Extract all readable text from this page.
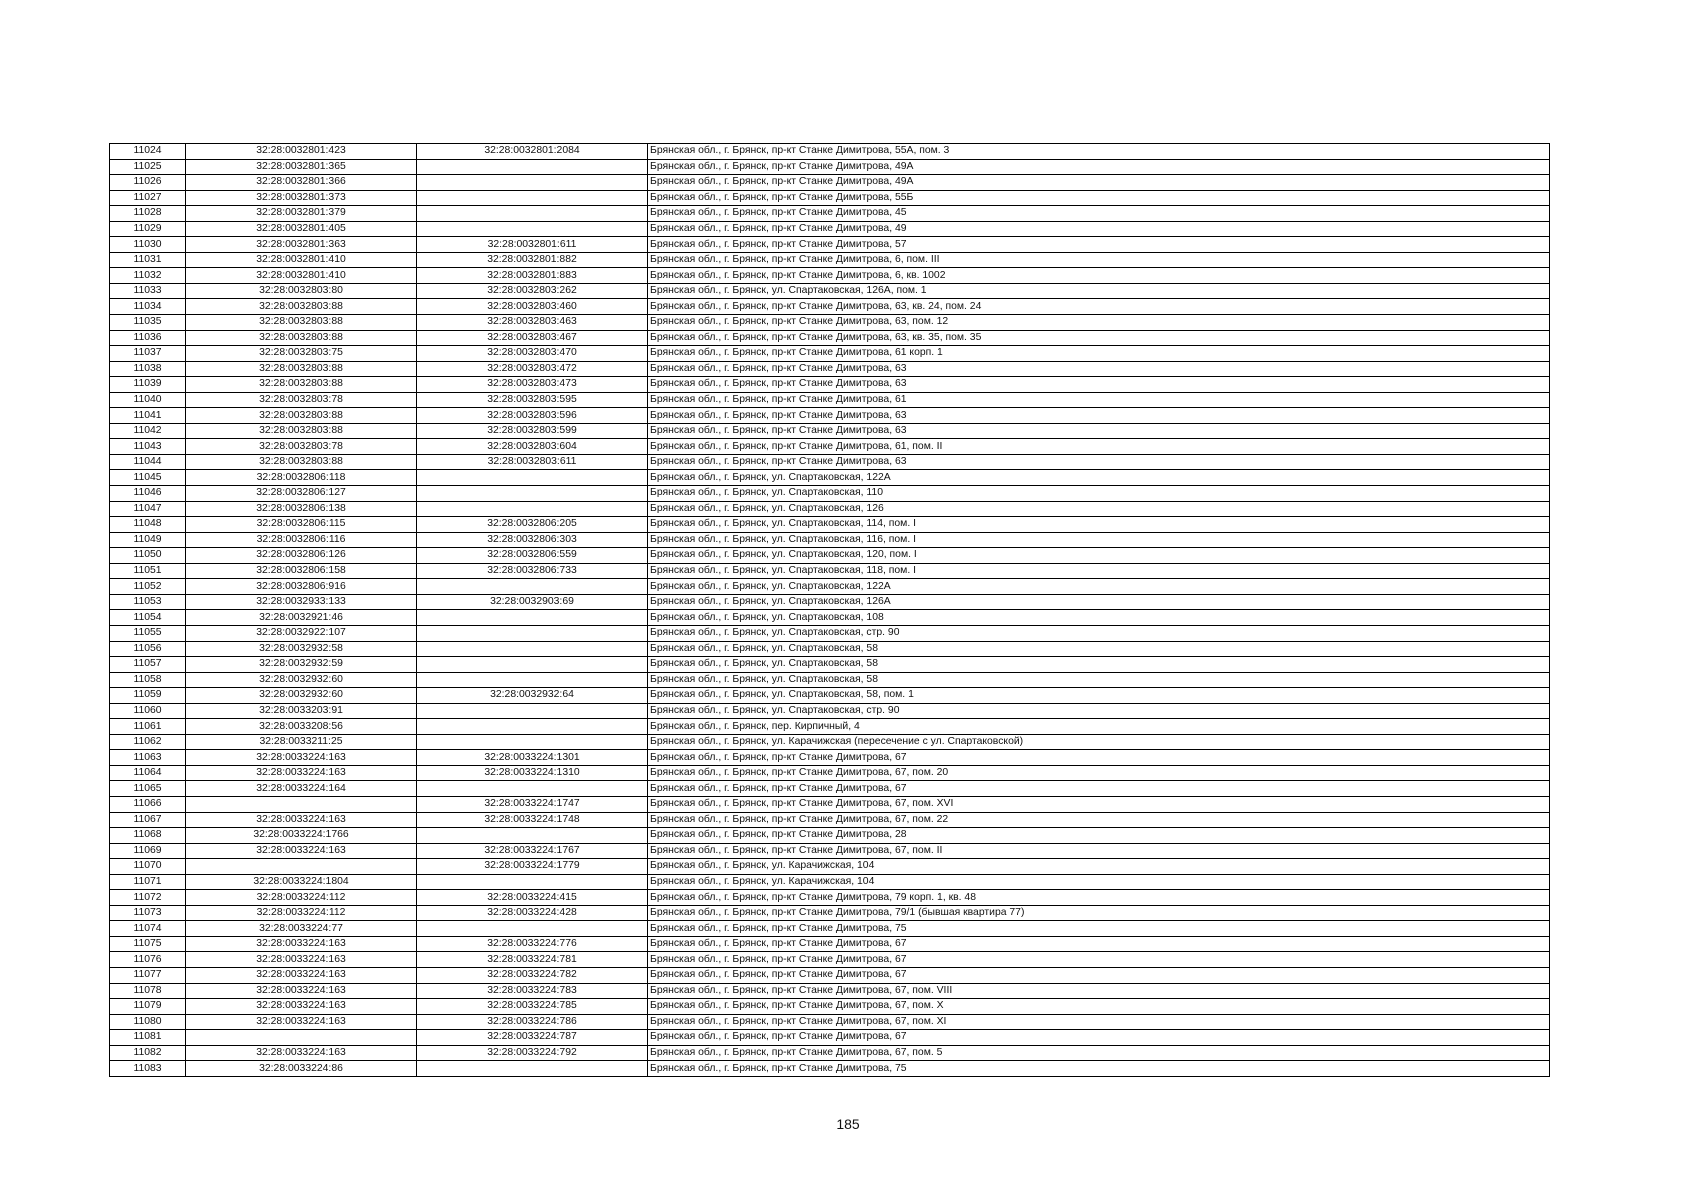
11024	32:28:0032801:423	32:28:0032801:2084	Брянская обл., г. Брянск, пр-кт Станке Димитрова, 55А, пом. 3
11025	32:28:0032801:365		Брянская обл., г. Брянск, пр-кт Станке Димитрова, 49А
11026	32:28:0032801:366		Брянская обл., г. Брянск, пр-кт Станке Димитрова, 49А
11027	32:28:0032801:373		Брянская обл., г. Брянск, пр-кт Станке Димитрова, 55Б
11028	32:28:0032801:379		Брянская обл., г. Брянск, пр-кт Станке Димитрова, 45
11029	32:28:0032801:405		Брянская обл., г. Брянск, пр-кт Станке Димитрова, 49
11030	32:28:0032801:363	32:28:0032801:611	Брянская обл., г. Брянск, пр-кт Станке Димитрова, 57
11031	32:28:0032801:410	32:28:0032801:882	Брянская обл., г. Брянск, пр-кт Станке Димитрова, 6, пом. III
11032	32:28:0032801:410	32:28:0032801:883	Брянская обл., г. Брянск, пр-кт Станке Димитрова, 6, кв. 1002
11033	32:28:0032803:80	32:28:0032803:262	Брянская обл., г. Брянск, ул. Спартаковская, 126А, пом. 1
11034	32:28:0032803:88	32:28:0032803:460	Брянская обл., г. Брянск, пр-кт Станке Димитрова, 63, кв. 24, пом. 24
11035	32:28:0032803:88	32:28:0032803:463	Брянская обл., г. Брянск, пр-кт Станке Димитрова, 63, пом. 12
11036	32:28:0032803:88	32:28:0032803:467	Брянская обл., г. Брянск, пр-кт Станке Димитрова, 63, кв. 35, пом. 35
11037	32:28:0032803:75	32:28:0032803:470	Брянская обл., г. Брянск, пр-кт Станке Димитрова, 61 корп. 1
11038	32:28:0032803:88	32:28:0032803:472	Брянская обл., г. Брянск, пр-кт Станке Димитрова, 63
11039	32:28:0032803:88	32:28:0032803:473	Брянская обл., г. Брянск, пр-кт Станке Димитрова, 63
11040	32:28:0032803:78	32:28:0032803:595	Брянская обл., г. Брянск, пр-кт Станке Димитрова, 61
11041	32:28:0032803:88	32:28:0032803:596	Брянская обл., г. Брянск, пр-кт Станке Димитрова, 63
11042	32:28:0032803:88	32:28:0032803:599	Брянская обл., г. Брянск, пр-кт Станке Димитрова, 63
11043	32:28:0032803:78	32:28:0032803:604	Брянская обл., г. Брянск, пр-кт Станке Димитрова, 61, пом. II
11044	32:28:0032803:88	32:28:0032803:611	Брянская обл., г. Брянск, пр-кт Станке Димитрова, 63
11045	32:28:0032806:118		Брянская обл., г. Брянск, ул. Спартаковская, 122А
11046	32:28:0032806:127		Брянская обл., г. Брянск, ул. Спартаковская, 110
11047	32:28:0032806:138		Брянская обл., г. Брянск, ул. Спартаковская, 126
11048	32:28:0032806:115	32:28:0032806:205	Брянская обл., г. Брянск, ул. Спартаковская, 114, пом. I
11049	32:28:0032806:116	32:28:0032806:303	Брянская обл., г. Брянск, ул. Спартаковская, 116, пом. I
11050	32:28:0032806:126	32:28:0032806:559	Брянская обл., г. Брянск, ул. Спартаковская, 120, пом. I
11051	32:28:0032806:158	32:28:0032806:733	Брянская обл., г. Брянск, ул. Спартаковская, 118, пом. I
11052	32:28:0032806:916		Брянская обл., г. Брянск, ул. Спартаковская, 122А
11053	32:28:0032933:133	32:28:0032903:69	Брянская обл., г. Брянск, ул. Спартаковская, 126А
11054	32:28:0032921:46		Брянская обл., г. Брянск, ул. Спартаковская, 108
11055	32:28:0032922:107		Брянская обл., г. Брянск, ул. Спартаковская, стр. 90
11056	32:28:0032932:58		Брянская обл., г. Брянск, ул. Спартаковская, 58
11057	32:28:0032932:59		Брянская обл., г. Брянск, ул. Спартаковская, 58
11058	32:28:0032932:60		Брянская обл., г. Брянск, ул. Спартаковская, 58
11059	32:28:0032932:60	32:28:0032932:64	Брянская обл., г. Брянск, ул. Спартаковская, 58, пом. 1
11060	32:28:0033203:91		Брянская обл., г. Брянск, ул. Спартаковская, стр. 90
11061	32:28:0033208:56		Брянская обл., г. Брянск, пер. Кирпичный, 4
11062	32:28:0033211:25		Брянская обл., г. Брянск, ул. Карачижская (пересечение с ул. Спартаковской)
11063	32:28:0033224:163	32:28:0033224:1301	Брянская обл., г. Брянск, пр-кт Станке Димитрова, 67
11064	32:28:0033224:163	32:28:0033224:1310	Брянская обл., г. Брянск, пр-кт Станке Димитрова, 67, пом. 20
11065	32:28:0033224:164		Брянская обл., г. Брянск, пр-кт Станке Димитрова, 67
11066		32:28:0033224:1747	Брянская обл., г. Брянск, пр-кт Станке Димитрова, 67, пом. XVI
11067	32:28:0033224:163	32:28:0033224:1748	Брянская обл., г. Брянск, пр-кт Станке Димитрова, 67, пом. 22
11068	32:28:0033224:1766		Брянская обл., г. Брянск, пр-кт Станке Димитрова, 28
11069	32:28:0033224:163	32:28:0033224:1767	Брянская обл., г. Брянск, пр-кт Станке Димитрова, 67, пом. II
11070		32:28:0033224:1779	Брянская обл., г. Брянск, ул. Карачижская, 104
11071	32:28:0033224:1804		Брянская обл., г. Брянск, ул. Карачижская, 104
11072	32:28:0033224:112	32:28:0033224:415	Брянская обл., г. Брянск, пр-кт Станке Димитрова, 79 корп. 1, кв. 48
11073	32:28:0033224:112	32:28:0033224:428	Брянская обл., г. Брянск, пр-кт Станке Димитрова, 79/1 (бывшая квартира 77)
11074	32:28:0033224:77		Брянская обл., г. Брянск, пр-кт Станке Димитрова, 75
11075	32:28:0033224:163	32:28:0033224:776	Брянская обл., г. Брянск, пр-кт Станке Димитрова, 67
11076	32:28:0033224:163	32:28:0033224:781	Брянская обл., г. Брянск, пр-кт Станке Димитрова, 67
11077	32:28:0033224:163	32:28:0033224:782	Брянская обл., г. Брянск, пр-кт Станке Димитрова, 67
11078	32:28:0033224:163	32:28:0033224:783	Брянская обл., г. Брянск, пр-кт Станке Димитрова, 67, пом. VIII
11079	32:28:0033224:163	32:28:0033224:785	Брянская обл., г. Брянск, пр-кт Станке Димитрова, 67, пом. X
11080	32:28:0033224:163	32:28:0033224:786	Брянская обл., г. Брянск, пр-кт Станке Димитрова, 67, пом. XI
11081		32:28:0033224:787	Брянская обл., г. Брянск, пр-кт Станке Димитрова, 67
11082	32:28:0033224:163	32:28:0033224:792	Брянская обл., г. Брянск, пр-кт Станке Димитрова, 67, пом. 5
11083	32:28:0033224:86		Брянская обл., г. Брянск, пр-кт Станке Димитрова, 75
185
